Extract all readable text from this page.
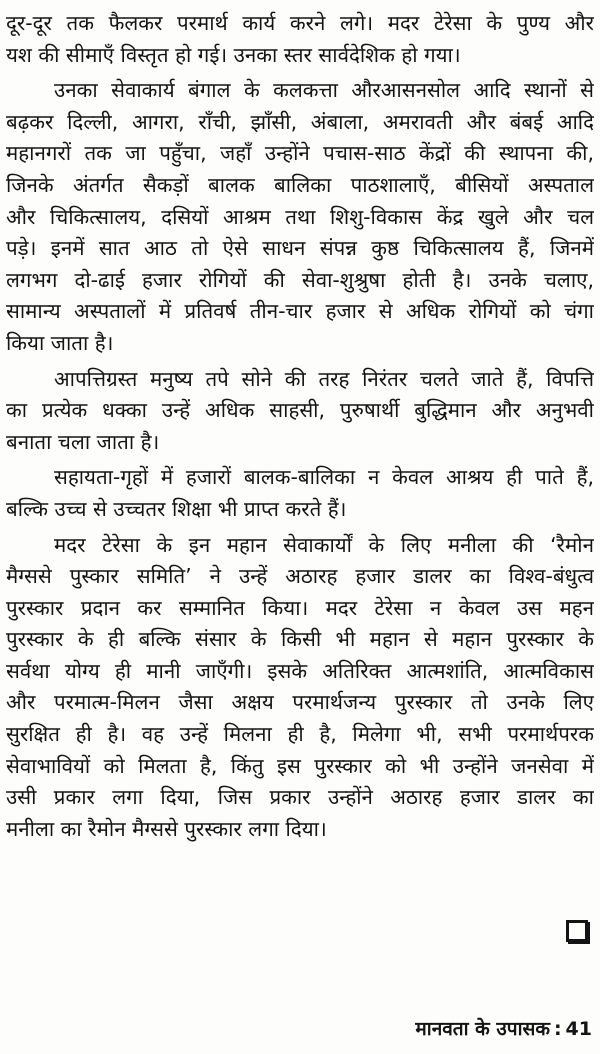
दूर-दूर तक फैलकर परमार्थ कार्य करने लगे। मदर टेरेसा के पुण्य और
यश की सीमाएँ विस्तृत हो गई। उनका स्तर सार्वदेशिक हो गया।
उनका सेवाकार्य बंगाल के कलकत्ता औरआसनसोल आदि स्थानों से
बढ़कर दिल्ली, आगरा, राँची, झाँसी, अंबाला, अमरावती और बंबई आदि
महानगरों तक जा पहुँचा, जहाँ उन्होंने पचास-साठ केंद्रों की स्थापना की,
जिनके अंतर्गत सैकड़ों बालक बालिका पाठशालाएँ, बीसियों अस्पताल
और चिकित्सालय, दसियों आश्रम तथा शिशु-विकास केंद्र खुले और चल
पड़े। इनमें सात आठ तो ऐसे साधन संपन्न कुष्ठ चिकित्सालय हैं, जिनमें
लगभग दो-ढाई हजार रोगियों की सेवा-शुश्रुषा होती है। उनके चलाए,
सामान्य अस्पतालों में प्रतिवर्ष तीन-चार हजार से अधिक रोगियों को चंगा
किया जाता है।
आपत्तिग्रस्त मनुष्य तपे सोने की तरह निरंतर चलते जाते हैं, विपत्ति
का प्रत्येक धक्का उन्हें अधिक साहसी, पुरुषार्थी बुद्धिमान और अनुभवी
बनाता चला जाता है।
सहायता-गृहों में हजारों बालक-बालिका न केवल आश्रय ही पाते हैं,
बल्कि उच्च से उच्चतर शिक्षा भी प्राप्त करते हैं।
मदर टेरेसा के इन महान सेवाकार्यों के लिए मनीला की ‘रैमोन
मैग्ससे पुस्कार समिति’ ने उन्हें अठारह हजार डालर का विश्व-बंधुत्व
पुरस्कार प्रदान कर सम्मानित किया। मदर टेरेसा न केवल उस महन
पुरस्कार के ही बल्कि संसार के किसी भी महान से महान पुरस्कार के
सर्वथा योग्य ही मानी जाएँगी। इसके अतिरिक्त आत्मशांति, आत्मविकास
और परमात्म-मिलन जैसा अक्षय परमार्थजन्य पुरस्कार तो उनके लिए
सुरक्षित ही है। वह उन्हें मिलना ही है, मिलेगा भी, सभी परमार्थपरक
सेवाभावियों को मिलता है, किंतु इस पुरस्कार को भी उन्होंने जनसेवा में
उसी प्रकार लगा दिया, जिस प्रकार उन्होंने अठारह हजार डालर का
मनीला का रैमोन मैग्ससे पुरस्कार लगा दिया।
मानवता के उपासक : 41
